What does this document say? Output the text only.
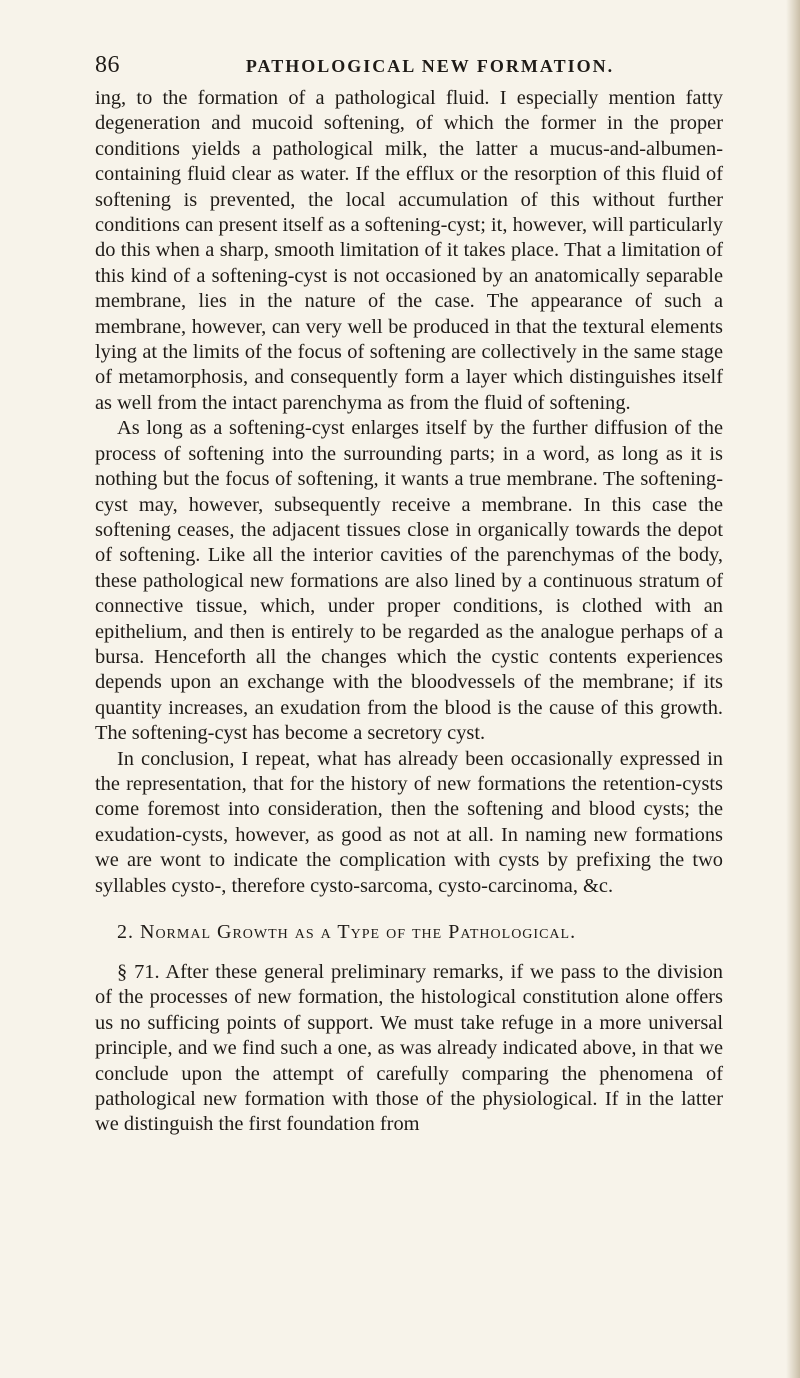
86	PATHOLOGICAL NEW FORMATION.

ing, to the formation of a pathological fluid. I especially mention fatty degeneration and mucoid softening, of which the former in the proper conditions yields a pathological milk, the latter a mucus-and-albumen-containing fluid clear as water. If the efflux or the resorption of this fluid of softening is prevented, the local accumulation of this without further conditions can present itself as a softening-cyst; it, however, will particularly do this when a sharp, smooth limitation of it takes place. That a limitation of this kind of a softening-cyst is not occasioned by an anatomically separable membrane, lies in the nature of the case. The appearance of such a membrane, however, can very well be produced in that the textural elements lying at the limits of the focus of softening are collectively in the same stage of metamorphosis, and consequently form a layer which distinguishes itself as well from the intact parenchyma as from the fluid of softening.

As long as a softening-cyst enlarges itself by the further diffusion of the process of softening into the surrounding parts; in a word, as long as it is nothing but the focus of softening, it wants a true membrane. The softening-cyst may, however, subsequently receive a membrane. In this case the softening ceases, the adjacent tissues close in organically towards the depot of softening. Like all the interior cavities of the parenchymas of the body, these pathological new formations are also lined by a continuous stratum of connective tissue, which, under proper conditions, is clothed with an epithelium, and then is entirely to be regarded as the analogue perhaps of a bursa. Henceforth all the changes which the cystic contents experiences depends upon an exchange with the bloodvessels of the membrane; if its quantity increases, an exudation from the blood is the cause of this growth. The softening-cyst has become a secretory cyst.

In conclusion, I repeat, what has already been occasionally expressed in the representation, that for the history of new formations the retention-cysts come foremost into consideration, then the softening and blood cysts; the exudation-cysts, however, as good as not at all. In naming new formations we are wont to indicate the complication with cysts by prefixing the two syllables cysto-, therefore cysto-sarcoma, cysto-carcinoma, &c.

2. Normal Growth as a Type of the Pathological.

§ 71. After these general preliminary remarks, if we pass to the division of the processes of new formation, the histological constitution alone offers us no sufficing points of support. We must take refuge in a more universal principle, and we find such a one, as was already indicated above, in that we conclude upon the attempt of carefully comparing the phenomena of pathological new formation with those of the physiological. If in the latter we distinguish the first foundation from
